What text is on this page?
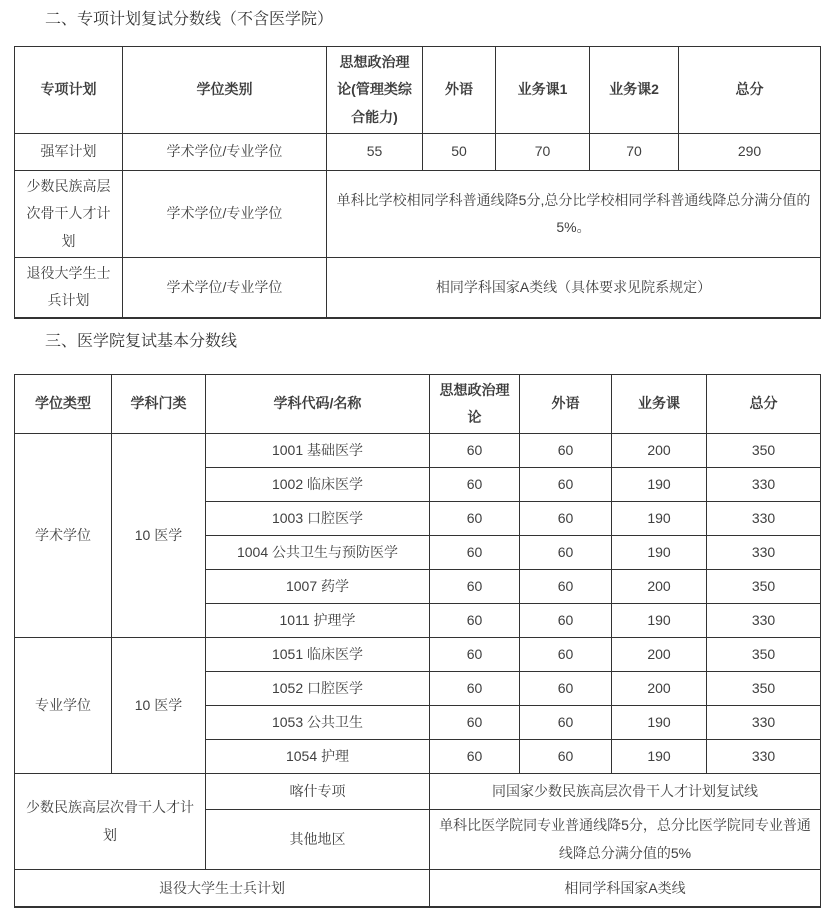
二、专项计划复试分数线（不含医学院）
专项计划	学位类别	思想政治理论(管理类综合能力)	外语	业务课1	业务课2	总分
强军计划	学术学位/专业学位	55	50	70	70	290
少数民族高层次骨干人才计划	学术学位/专业学位	单科比学校相同学科普通线降5分,总分比学校相同学科普通线降总分满分值的5%。				
退役大学生士兵计划	学术学位/专业学位	相同学科国家A类线（具体要求见院系规定）				
三、医学院复试基本分数线
学位类型	学科门类	学科代码/名称	思想政治理论	外语	业务课	总分
学术学位	10 医学	1001 基础医学	60	60	200	350
		1002 临床医学	60	60	190	330
		1003 口腔医学	60	60	190	330
		1004 公共卫生与预防医学	60	60	190	330
		1007 药学	60	60	200	350
		1011 护理学	60	60	190	330
专业学位	10 医学	1051 临床医学	60	60	200	350
		1052 口腔医学	60	60	200	350
		1053 公共卫生	60	60	190	330
		1054 护理	60	60	190	330
少数民族高层次骨干人才计划		喀什专项	同国家少数民族高层次骨干人才计划复试线			
		其他地区	单科比医学院同专业普通线降5分，总分比医学院同专业普通线降总分满分值的5%			
退役大学生士兵计划			相同学科国家A类线			
